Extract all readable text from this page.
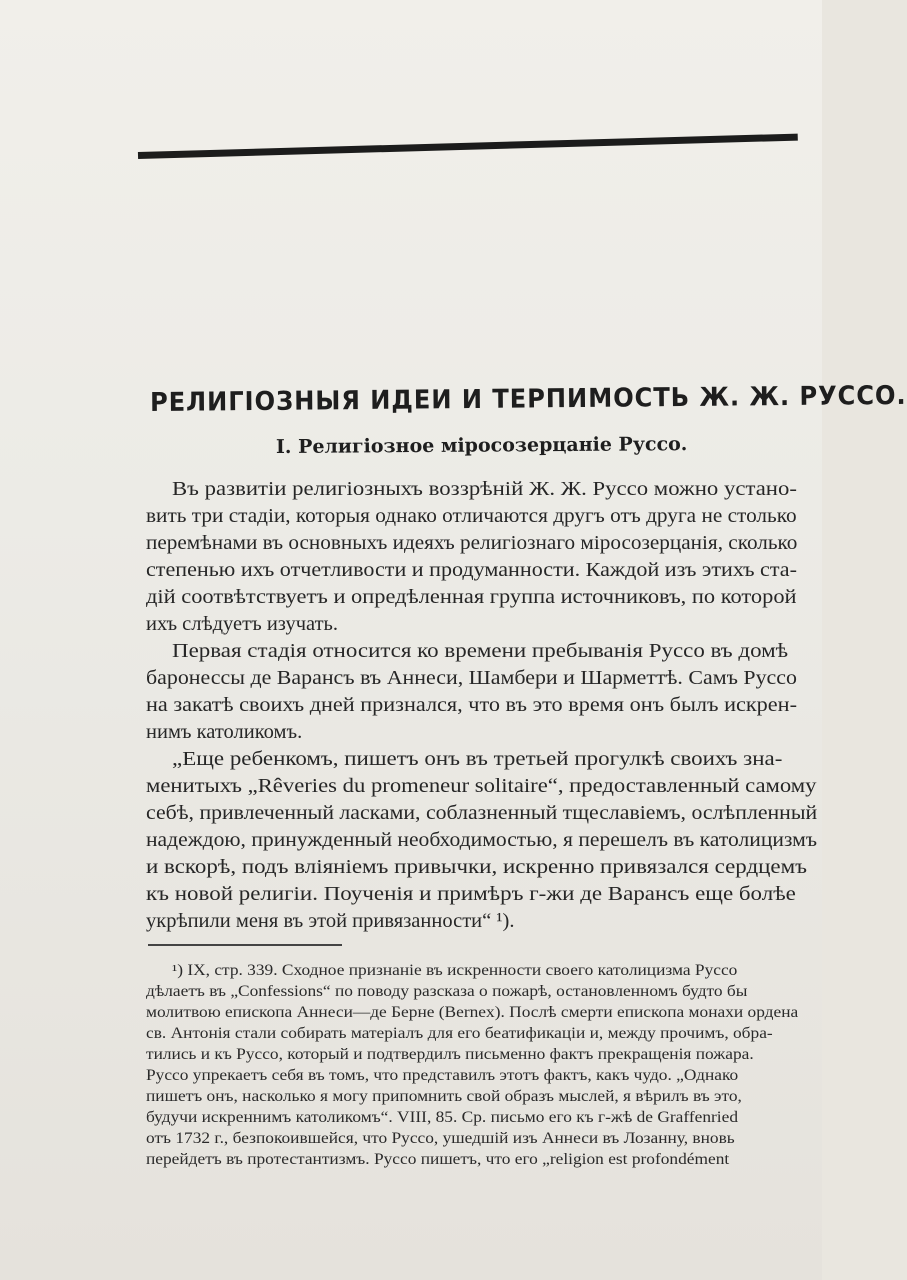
РЕЛИГІОЗНЫЯ ИДЕИ И ТЕРПИМОСТЬ Ж. Ж. РУССО.
I. Религіозное міросозерцаніе Руссо.

Въ развитіи религіозныхъ воззрѣній Ж. Ж. Руссо можно устано-

вить три стадіи, которыя однако отличаются другъ отъ друга не столько

перемѣнами въ основныхъ идеяхъ религіознаго міросозерцанія, сколько

степенью ихъ отчетливости и продуманности. Каждой изъ этихъ ста-

дій соотвѣтствуетъ и опредѣленная группа источниковъ, по которой

ихъ слѣдуетъ изучать.

Первая стадія относится ко времени пребыванія Руссо въ домѣ

баронессы де Варансъ въ Аннеси, Шамбери и Шарметтѣ. Самъ Руссо

на закатѣ своихъ дней признался, что въ это время онъ былъ искрен-

нимъ католикомъ.

„Еще ребенкомъ, пишетъ онъ въ третьей прогулкѣ своихъ зна-

менитыхъ „Rêveries du promeneur solitaire“, предоставленный самому

себѣ, привлеченный ласками, соблазненный тщеславіемъ, ослѣпленный

надеждою, принужденный необходимостью, я перешелъ въ католицизмъ

и вскорѣ, подъ вліяніемъ привычки, искренно привязался сердцемъ

къ новой религіи. Поученія и примѣръ г-жи де Варансъ еще болѣе

укрѣпили меня въ этой привязанности“ ¹).

¹) IX, стр. 339. Сходное признаніе въ искренности своего католицизма Руссо

дѣлаетъ въ „Confessions“ по поводу разсказа о пожарѣ, остановленномъ будто бы

молитвою епископа Аннеси—де Берне (Bernex). Послѣ смерти епископа монахи ордена

св. Антонія стали собирать матеріалъ для его беатификаціи и, между прочимъ, обра-

тились и къ Руссо, который и подтвердилъ письменно фактъ прекращенія пожара.

Руссо упрекаетъ себя въ томъ, что представилъ этотъ фактъ, какъ чудо. „Однако

пишетъ онъ, насколько я могу припомнить свой образъ мыслей, я вѣрилъ въ это,

будучи искреннимъ католикомъ“. VIII, 85. Ср. письмо его къ г-жѣ de Graffenried

отъ 1732 г., безпокоившейся, что Руссо, ушедшій изъ Аннеси въ Лозанну, вновь

перейдетъ въ протестантизмъ. Руссо пишетъ, что его „religion est profondément
